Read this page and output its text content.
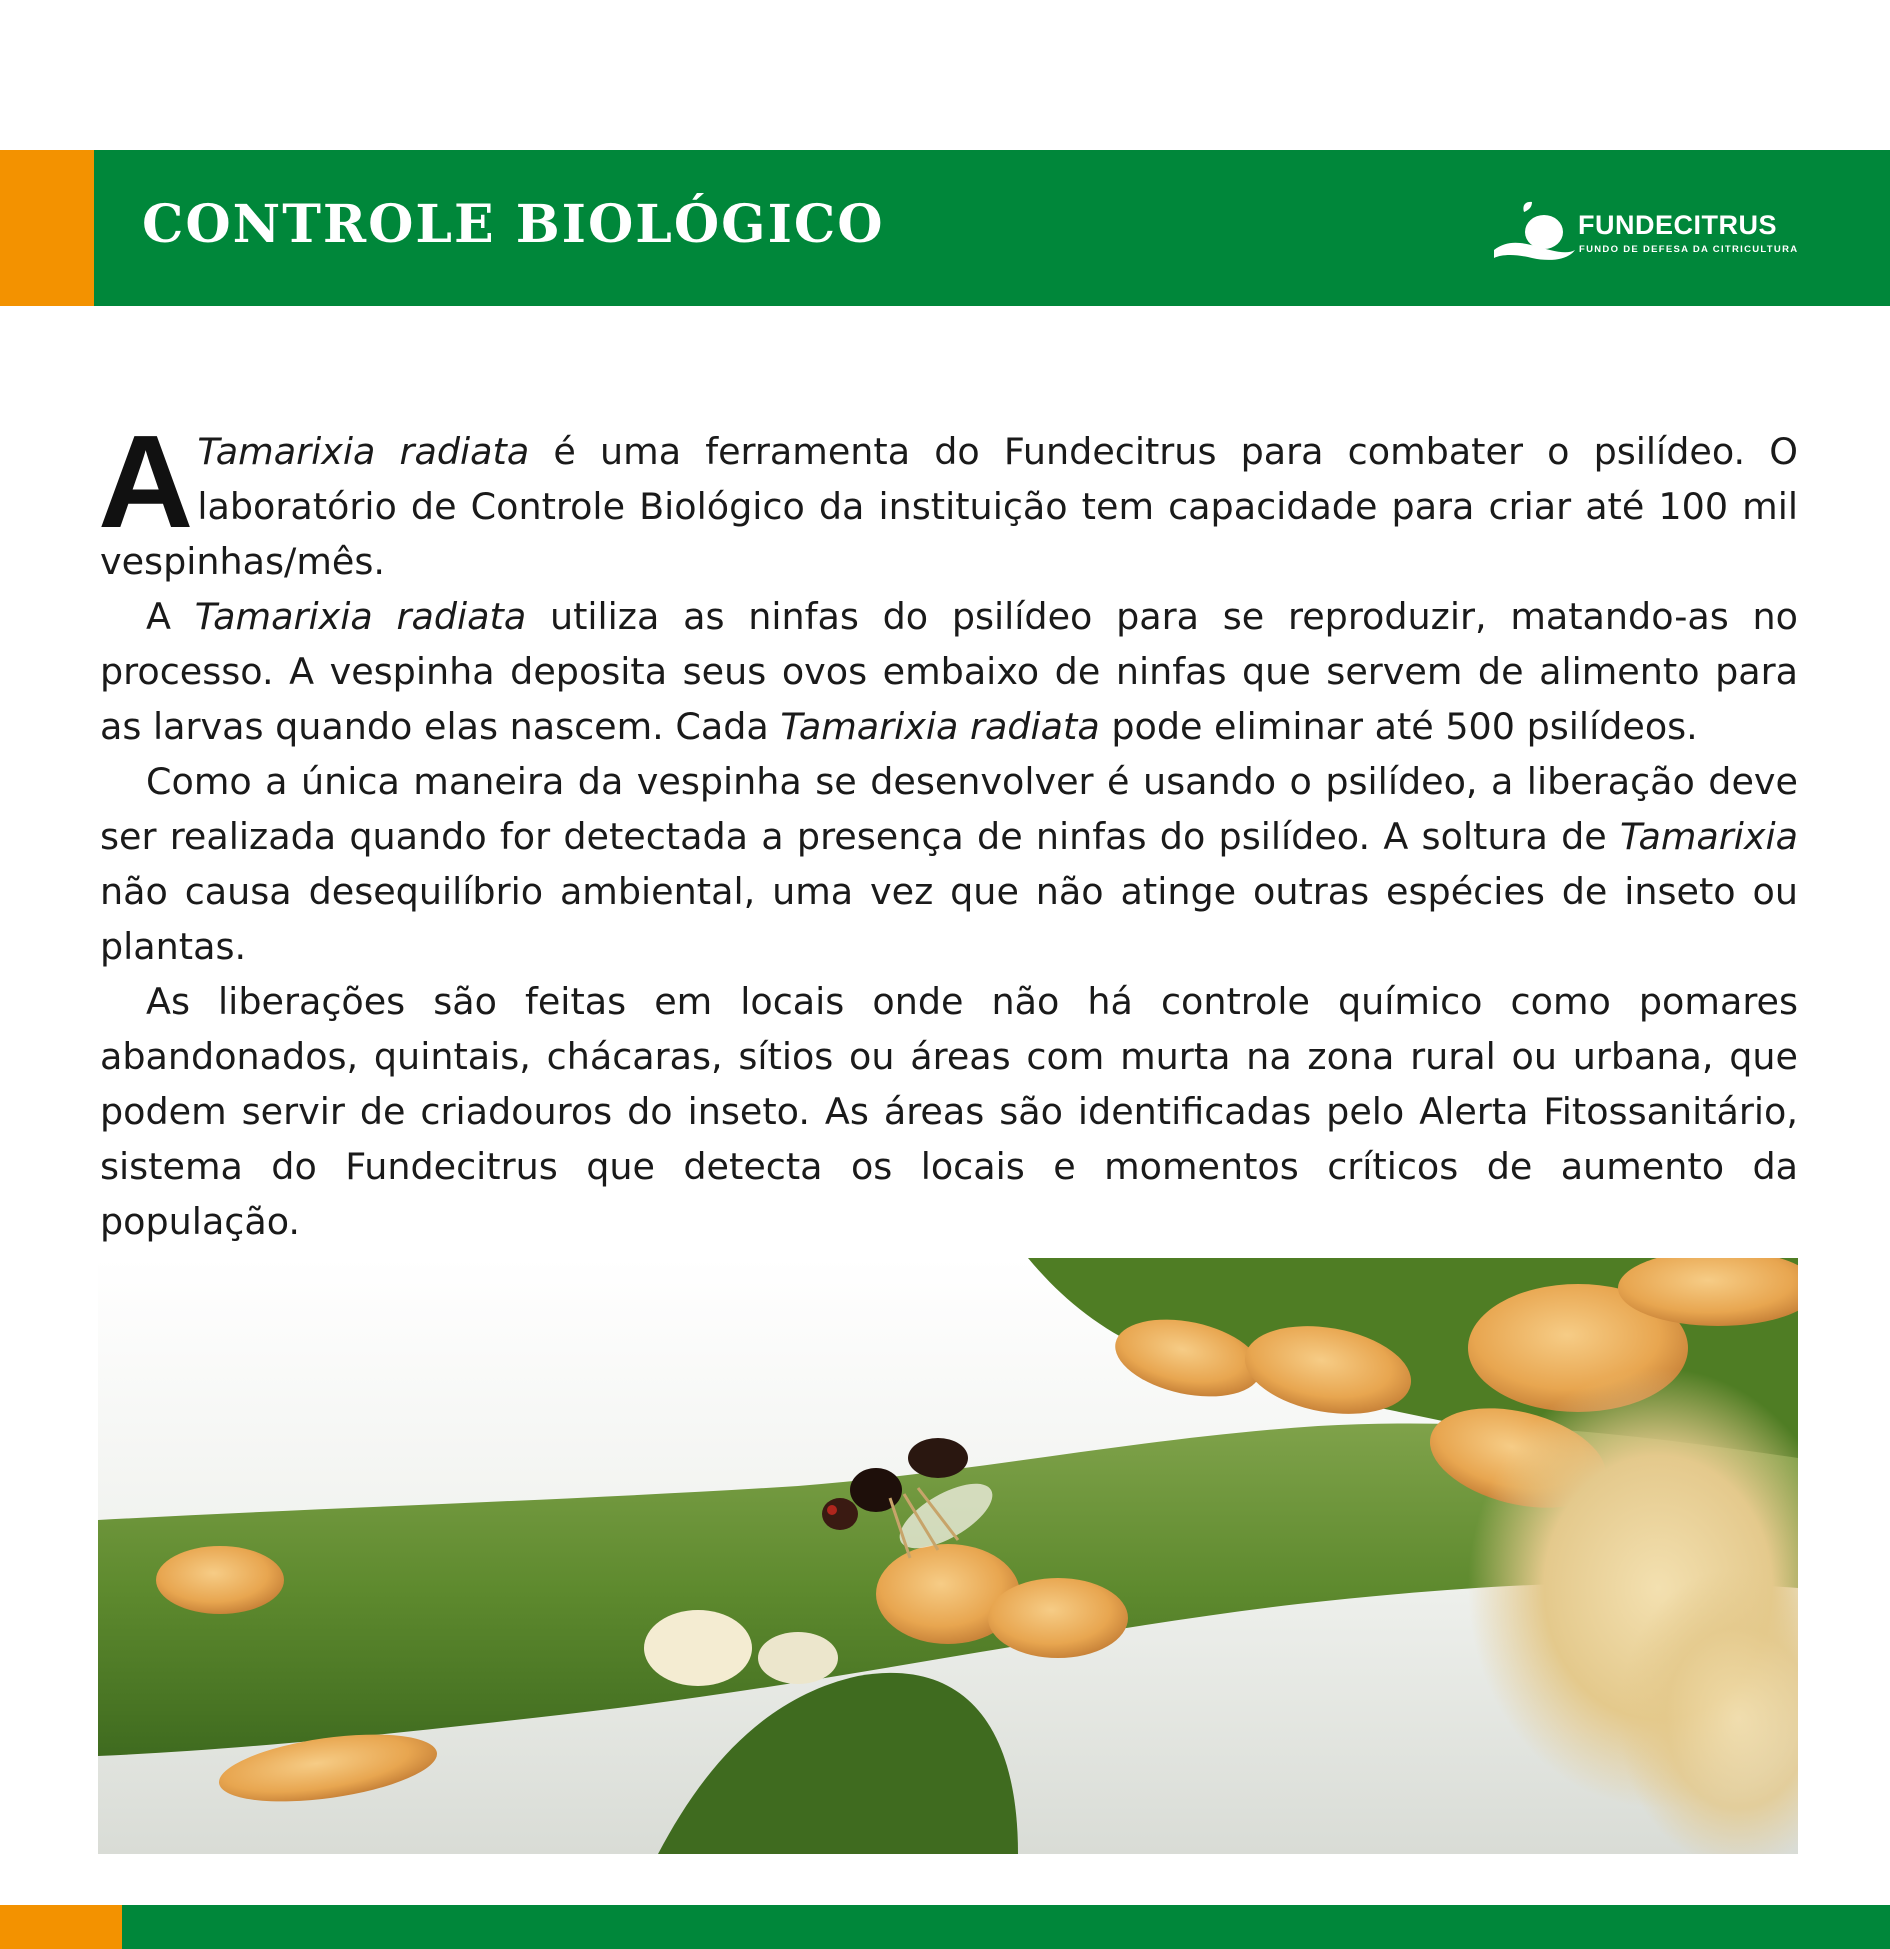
CONTROLE BIOLÓGICO	FUNDECITRUS
FUNDO DE DEFESA DA CITRICULTURA

A Tamarixia radiata é uma ferramenta do Fundecitrus para combater o psilídeo. O laboratório de Controle Biológico da instituição tem capacidade para criar até 100 mil vespinhas/mês.

A Tamarixia radiata utiliza as ninfas do psilídeo para se reproduzir, matando-as no processo. A vespinha deposita seus ovos embaixo de ninfas que servem de alimento para as larvas quando elas nascem. Cada Tamarixia radiata pode eliminar até 500 psilídeos.

Como a única maneira da vespinha se desenvolver é usando o psilídeo, a liberação deve ser realizada quando for detectada a presença de ninfas do psilídeo. A soltura de Tamarixia não causa desequilíbrio ambiental, uma vez que não atinge outras espécies de inseto ou plantas.

As liberações são feitas em locais onde não há controle químico como pomares abandonados, quintais, chácaras, sítios ou áreas com murta na zona rural ou urbana, que podem servir de criadouros do inseto. As áreas são identificadas pelo Alerta Fitossanitário, sistema do Fundecitrus que detecta os locais e momentos críticos de aumento da população.
